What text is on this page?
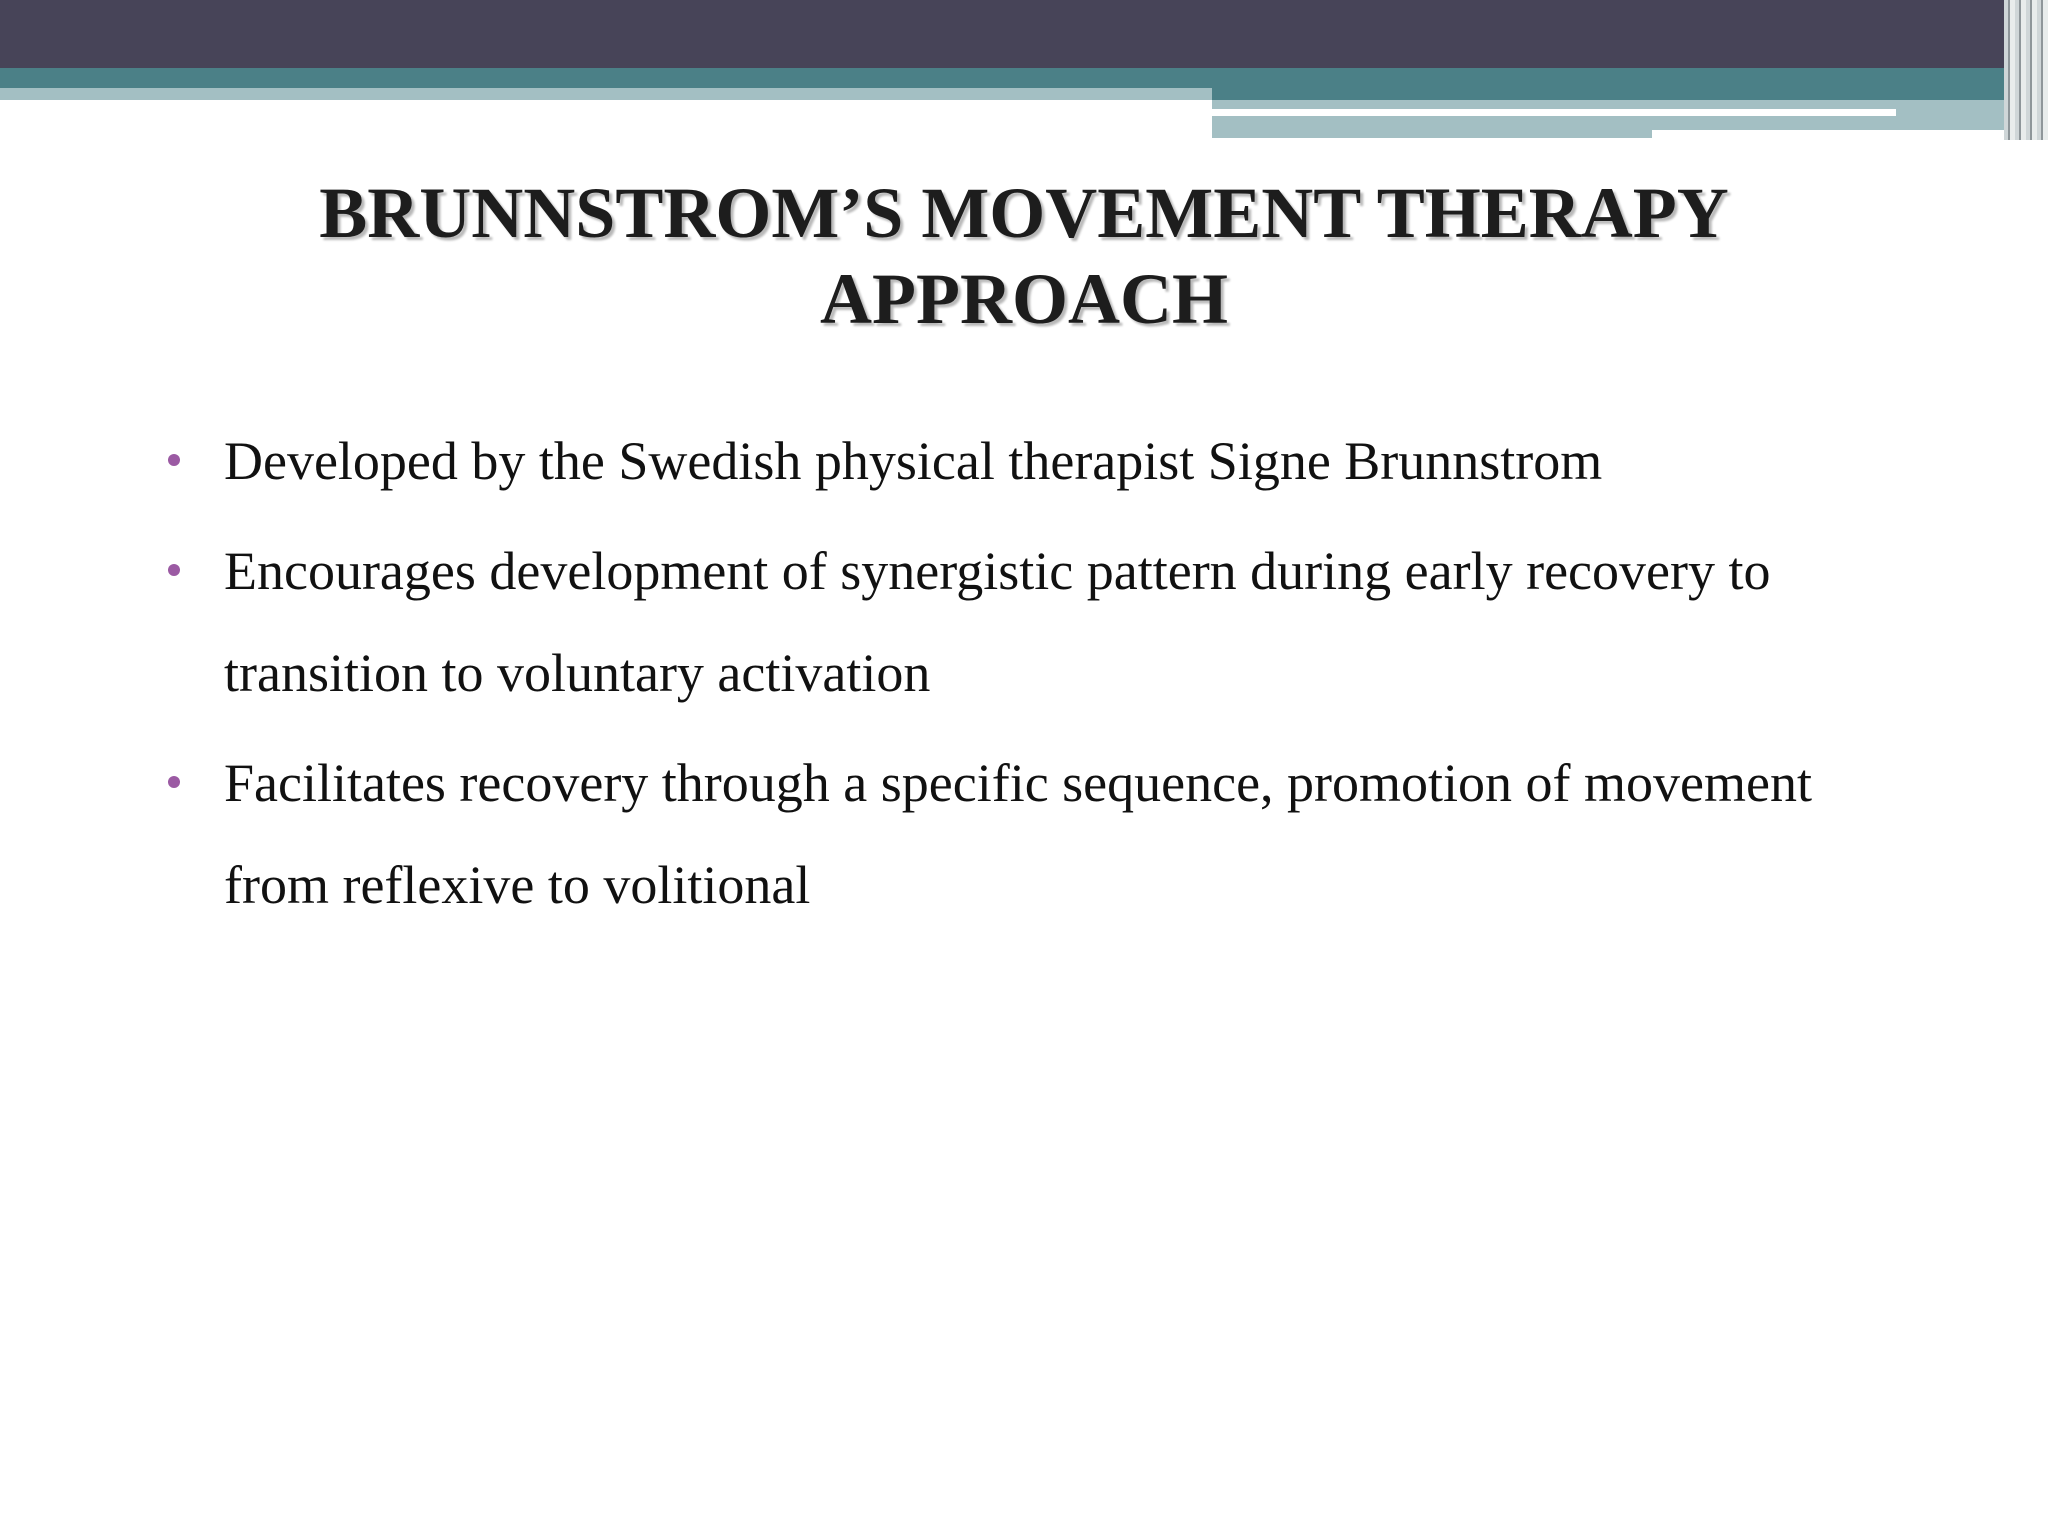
BRUNNSTROM’S MOVEMENT THERAPY
APPROACH
Developed by the Swedish physical therapist Signe Brunnstrom
Encourages development of synergistic pattern during early recovery to transition to voluntary activation
Facilitates recovery through a specific sequence, promotion of movement from reflexive to volitional
